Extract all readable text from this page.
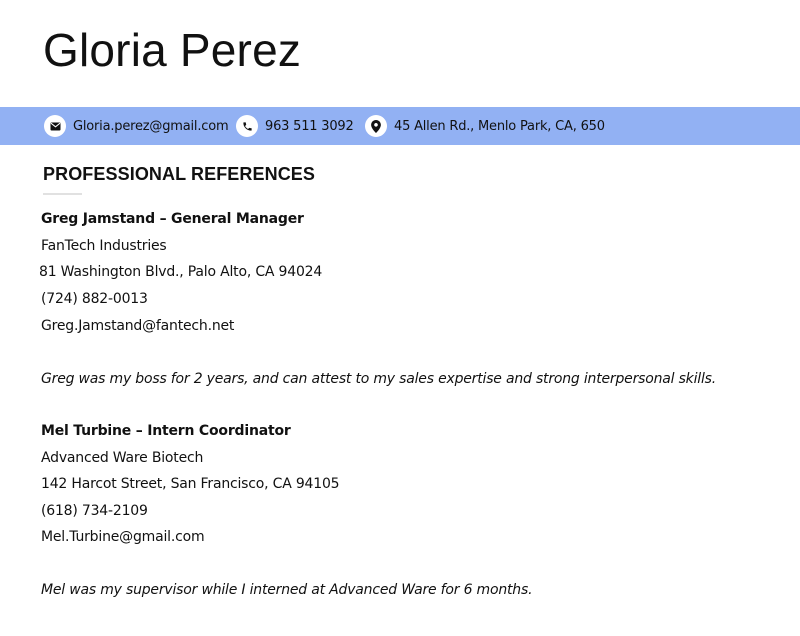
Gloria Perez
Gloria.perez@gmail.com	963 511 3092	45 Allen Rd., Menlo Park, CA, 650
PROFESSIONAL REFERENCES

Greg Jamstand – General Manager

FanTech Industries

81 Washington Blvd., Palo Alto, CA 94024

(724) 882-0013

Greg.Jamstand@fantech.net

Greg was my boss for 2 years, and can attest to my sales expertise and strong interpersonal skills.

Mel Turbine – Intern Coordinator

Advanced Ware Biotech

142 Harcot Street, San Francisco, CA 94105

(618) 734-2109

Mel.Turbine@gmail.com

Mel was my supervisor while I interned at Advanced Ware for 6 months.
